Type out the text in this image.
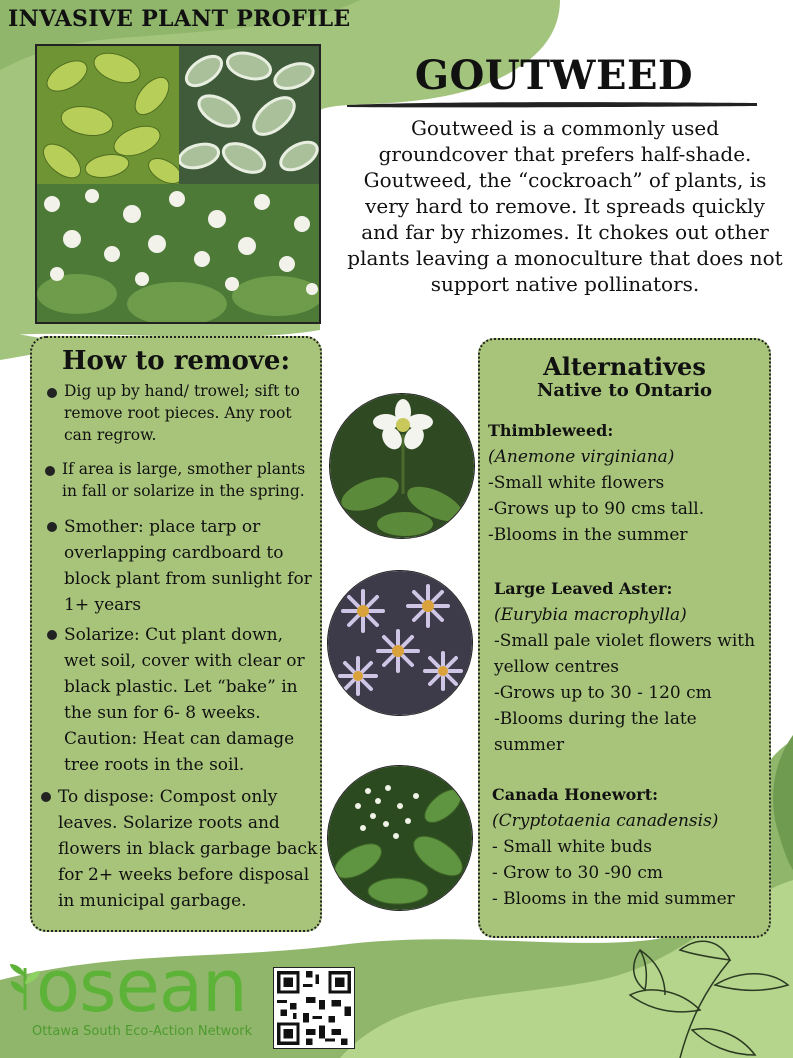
INVASIVE PLANT PROFILE
GOUTWEED
Goutweed is a commonly used groundcover that prefers half-shade. Goutweed, the “cockroach” of plants, is very hard to remove. It spreads quickly and far by rhizomes. It chokes out other plants leaving a monoculture that does not support native pollinators.
How to remove:
Dig up by hand/ trowel; sift to remove root pieces. Any root can regrow.
If area is large, smother plants in fall or solarize in the spring.
Smother: place tarp or overlapping cardboard to block plant from sunlight for 1+ years
Solarize: Cut plant down, wet soil, cover with clear or black plastic. Let “bake” in the sun for 6- 8 weeks. Caution: Heat can damage tree roots in the soil.
To dispose: Compost only leaves. Solarize roots and flowers in black garbage back for 2+ weeks before disposal in municipal garbage.
Alternatives
Native to Ontario
Thimbleweed:
(Anemone virginiana)
-Small white flowers
-Grows up to 90 cms tall.
-Blooms in the summer
Large Leaved Aster:
(Eurybia macrophylla)
-Small pale violet flowers with yellow centres
-Grows up to 30 - 120 cm
-Blooms during the late summer
Canada Honewort:
(Cryptotaenia canadensis)
- Small white buds
- Grow to 30 -90 cm
- Blooms in the mid summer
osean
Ottawa South Eco-Action Network
